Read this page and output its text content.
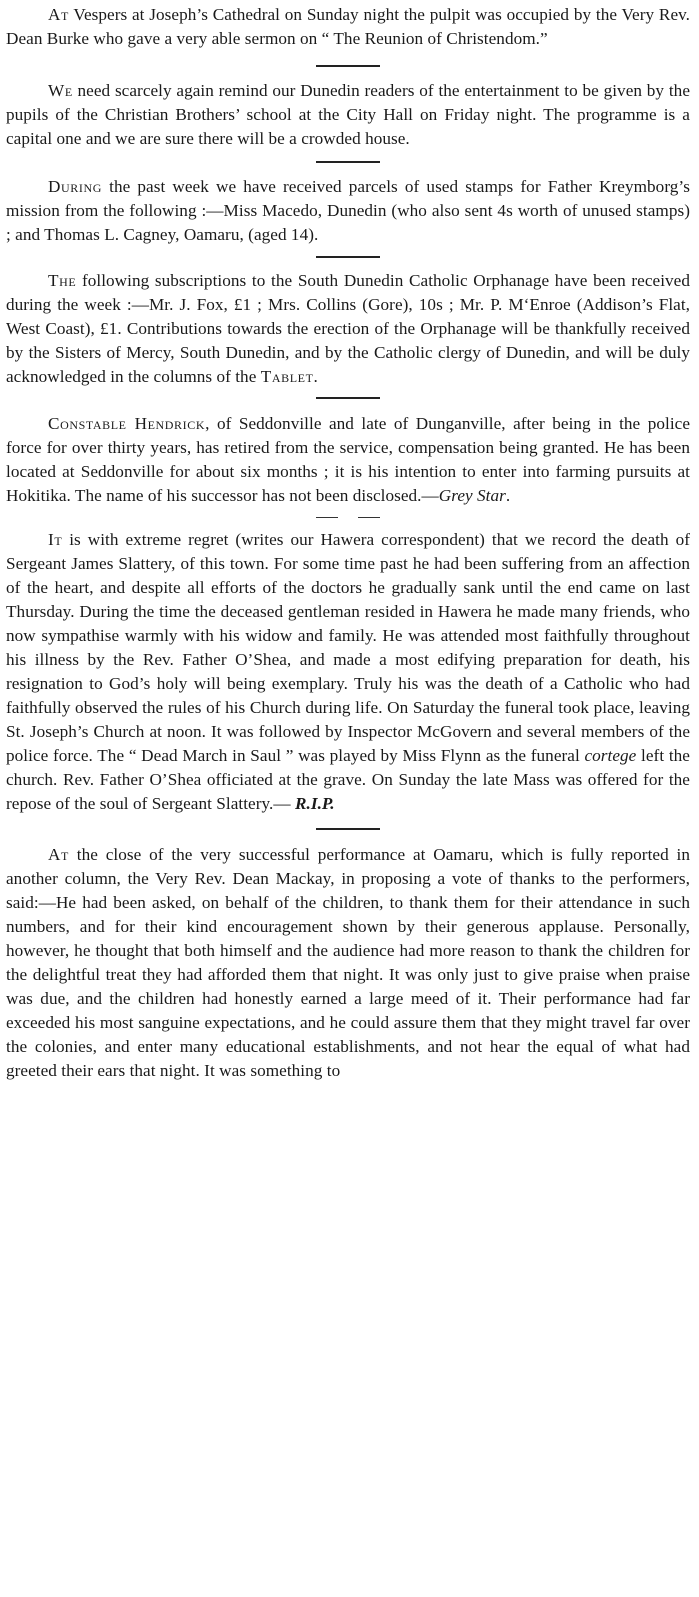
At Vespers at Joseph’s Cathedral on Sunday night the pulpit was occupied by the Very Rev. Dean Burke who gave a very able sermon on “ The Reunion of Christendom.”

We need scarcely again remind our Dunedin readers of the entertainment to be given by the pupils of the Christian Brothers’ school at the City Hall on Friday night. The programme is a capital one and we are sure there will be a crowded house.

During the past week we have received parcels of used stamps for Father Kreymborg’s mission from the following :—Miss Macedo, Dunedin (who also sent 4s worth of unused stamps) ; and Thomas L. Cagney, Oamaru, (aged 14).

The following subscriptions to the South Dunedin Catholic Orphanage have been received during the week :—Mr. J. Fox, £1 ; Mrs. Collins (Gore), 10s ; Mr. P. M‘Enroe (Addison’s Flat, West Coast), £1. Contributions towards the erection of the Orphanage will be thankfully received by the Sisters of Mercy, South Dunedin, and by the Catholic clergy of Dunedin, and will be duly acknowledged in the columns of the Tablet.

Constable Hendrick, of Seddonville and late of Dunganville, after being in the police force for over thirty years, has retired from the service, compensation being granted. He has been located at Seddonville for about six months ; it is his intention to enter into farming pursuits at Hokitika. The name of his successor has not been disclosed.—Grey Star.

It is with extreme regret (writes our Hawera correspondent) that we record the death of Sergeant James Slattery, of this town. For some time past he had been suffering from an affection of the heart, and despite all efforts of the doctors he gradually sank until the end came on last Thursday. During the time the deceased gentleman resided in Hawera he made many friends, who now sympathise warmly with his widow and family. He was attended most faithfully throughout his illness by the Rev. Father O’Shea, and made a most edifying preparation for death, his resignation to God’s holy will being exemplary. Truly his was the death of a Catholic who had faithfully observed the rules of his Church during life. On Saturday the funeral took place, leaving St. Joseph’s Church at noon. It was followed by Inspector McGovern and several members of the police force. The “ Dead March in Saul ” was played by Miss Flynn as the funeral cortege left the church. Rev. Father O’Shea officiated at the grave. On Sunday the late Mass was offered for the repose of the soul of Sergeant Slattery.— R.I.P.

At the close of the very successful performance at Oamaru, which is fully reported in another column, the Very Rev. Dean Mackay, in proposing a vote of thanks to the performers, said:—He had been asked, on behalf of the children, to thank them for their attendance in such numbers, and for their kind encouragement shown by their generous applause. Personally, however, he thought that both himself and the audience had more reason to thank the children for the delightful treat they had afforded them that night. It was only just to give praise when praise was due, and the children had honestly earned a large meed of it. Their performance had far exceeded his most sanguine expectations, and he could assure them that they might travel far over the colonies, and enter many educational establishments, and not hear the equal of what had greeted their ears that night. It was something to
